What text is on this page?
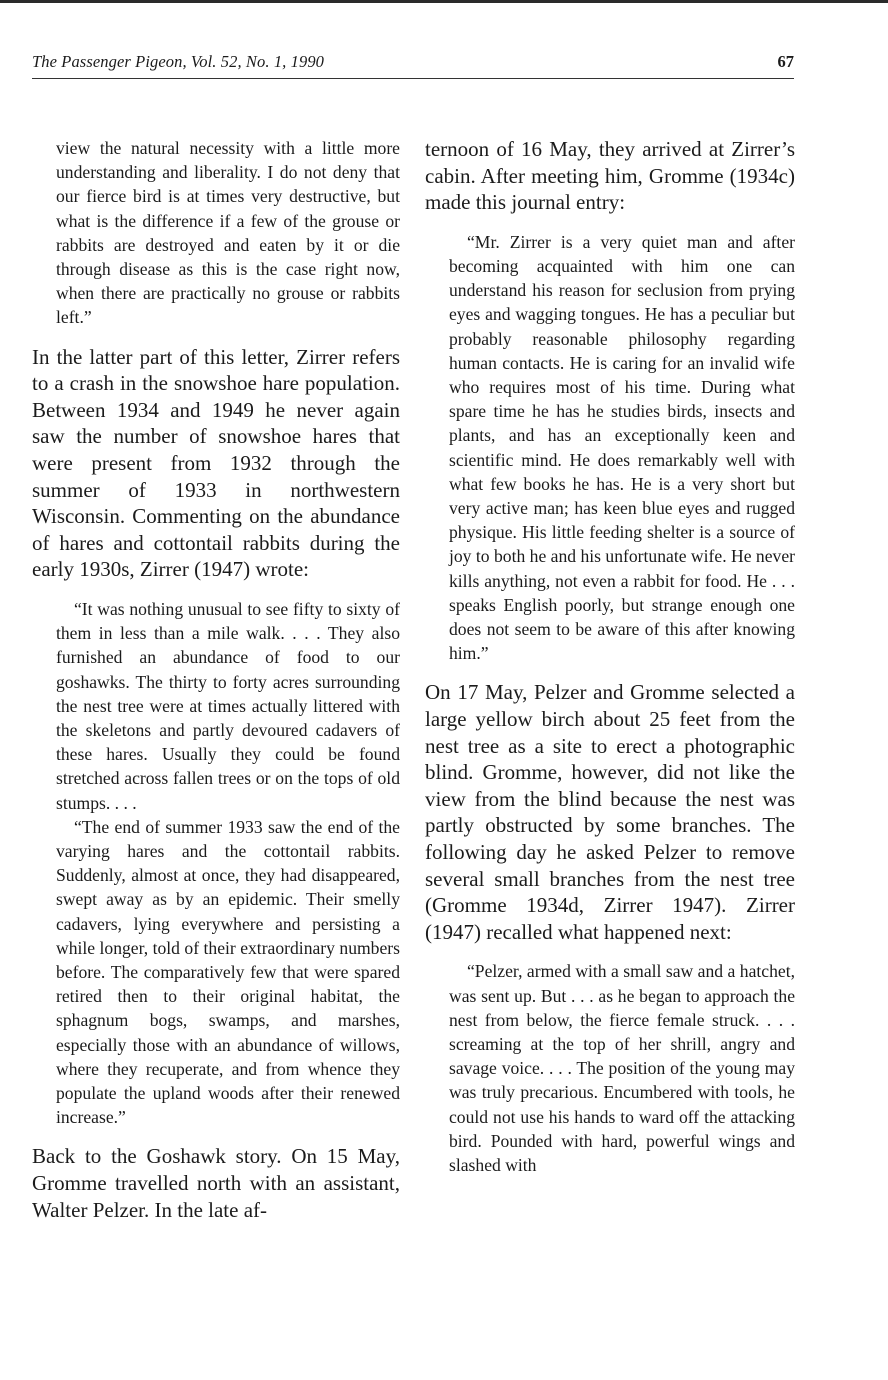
The Passenger Pigeon, Vol. 52, No. 1, 1990	67

view the natural necessity with a little more understanding and liberality. I do not deny that our fierce bird is at times very destructive, but what is the difference if a few of the grouse or rabbits are destroyed and eaten by it or die through disease as this is the case right now, when there are practically no grouse or rabbits left.”

In the latter part of this letter, Zirrer refers to a crash in the snowshoe hare population. Between 1934 and 1949 he never again saw the number of snowshoe hares that were present from 1932 through the summer of 1933 in northwestern Wisconsin. Commenting on the abundance of hares and cottontail rabbits during the early 1930s, Zirrer (1947) wrote:

“It was nothing unusual to see fifty to sixty of them in less than a mile walk. . . . They also furnished an abundance of food to our goshawks. The thirty to forty acres surrounding the nest tree were at times actually littered with the skeletons and partly devoured cadavers of these hares. Usually they could be found stretched across fallen trees or on the tops of old stumps. . . .

“The end of summer 1933 saw the end of the varying hares and the cottontail rabbits. Suddenly, almost at once, they had disappeared, swept away as by an epidemic. Their smelly cadavers, lying everywhere and persisting a while longer, told of their extraordinary numbers before. The comparatively few that were spared retired then to their original habitat, the sphagnum bogs, swamps, and marshes, especially those with an abundance of willows, where they recuperate, and from whence they populate the upland woods after their renewed increase.”

Back to the Goshawk story. On 15 May, Gromme travelled north with an assistant, Walter Pelzer. In the late af-

ternoon of 16 May, they arrived at Zirrer’s cabin. After meeting him, Gromme (1934c) made this journal entry:

“Mr. Zirrer is a very quiet man and after becoming acquainted with him one can understand his reason for seclusion from prying eyes and wagging tongues. He has a peculiar but probably reasonable philosophy regarding human contacts. He is caring for an invalid wife who requires most of his time. During what spare time he has he studies birds, insects and plants, and has an exceptionally keen and scientific mind. He does remarkably well with what few books he has. He is a very short but very active man; has keen blue eyes and rugged physique. His little feeding shelter is a source of joy to both he and his unfortunate wife. He never kills anything, not even a rabbit for food. He . . . speaks English poorly, but strange enough one does not seem to be aware of this after knowing him.”

On 17 May, Pelzer and Gromme selected a large yellow birch about 25 feet from the nest tree as a site to erect a photographic blind. Gromme, however, did not like the view from the blind because the nest was partly obstructed by some branches. The following day he asked Pelzer to remove several small branches from the nest tree (Gromme 1934d, Zirrer 1947). Zirrer (1947) recalled what happened next:

“Pelzer, armed with a small saw and a hatchet, was sent up. But . . . as he began to approach the nest from below, the fierce female struck. . . . screaming at the top of her shrill, angry and savage voice. . . . The position of the young may was truly precarious. Encumbered with tools, he could not use his hands to ward off the attacking bird. Pounded with hard, powerful wings and slashed with
